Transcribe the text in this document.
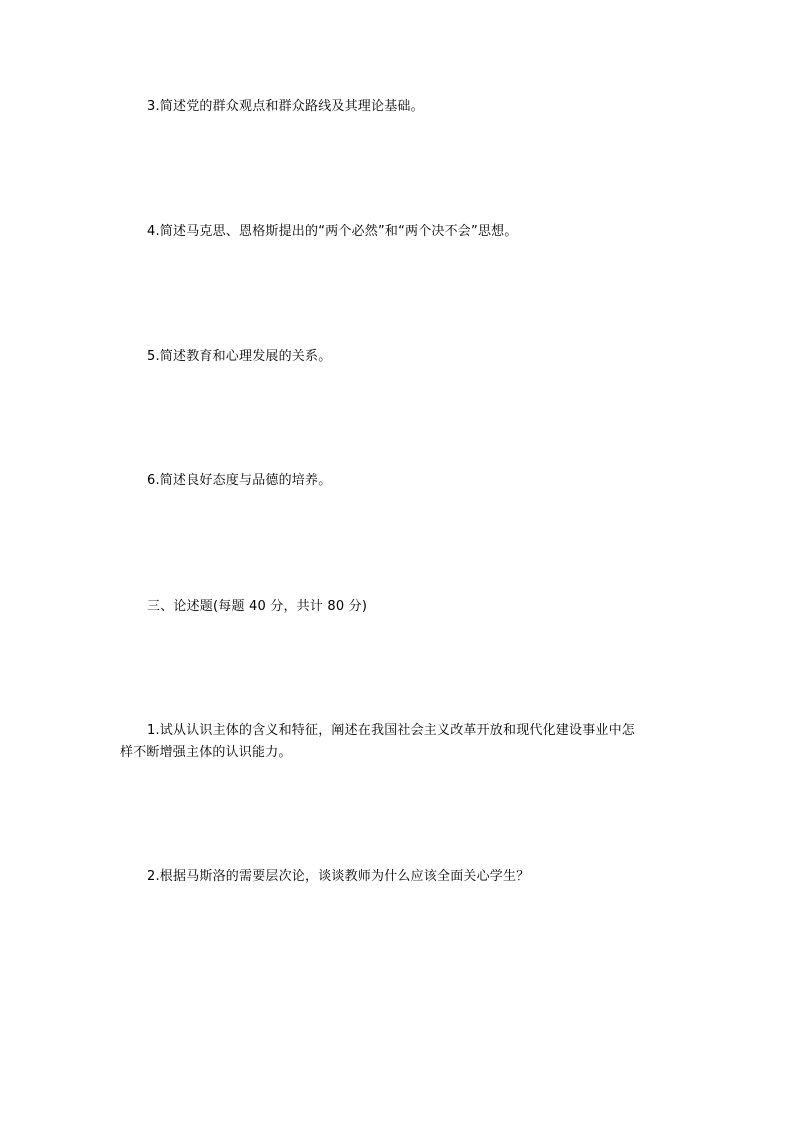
3.简述党的群众观点和群众路线及其理论基础。
4.简述马克思、恩格斯提出的“两个必然”和“两个决不会”思想。
5.简述教育和心理发展的关系。
6.简述良好态度与品德的培养。
三、论述题(每题 40 分，共计 80 分)
1.试从认识主体的含义和特征，阐述在我国社会主义改革开放和现代化建设事业中怎
样不断增强主体的认识能力。
2.根据马斯洛的需要层次论，谈谈教师为什么应该全面关心学生？
